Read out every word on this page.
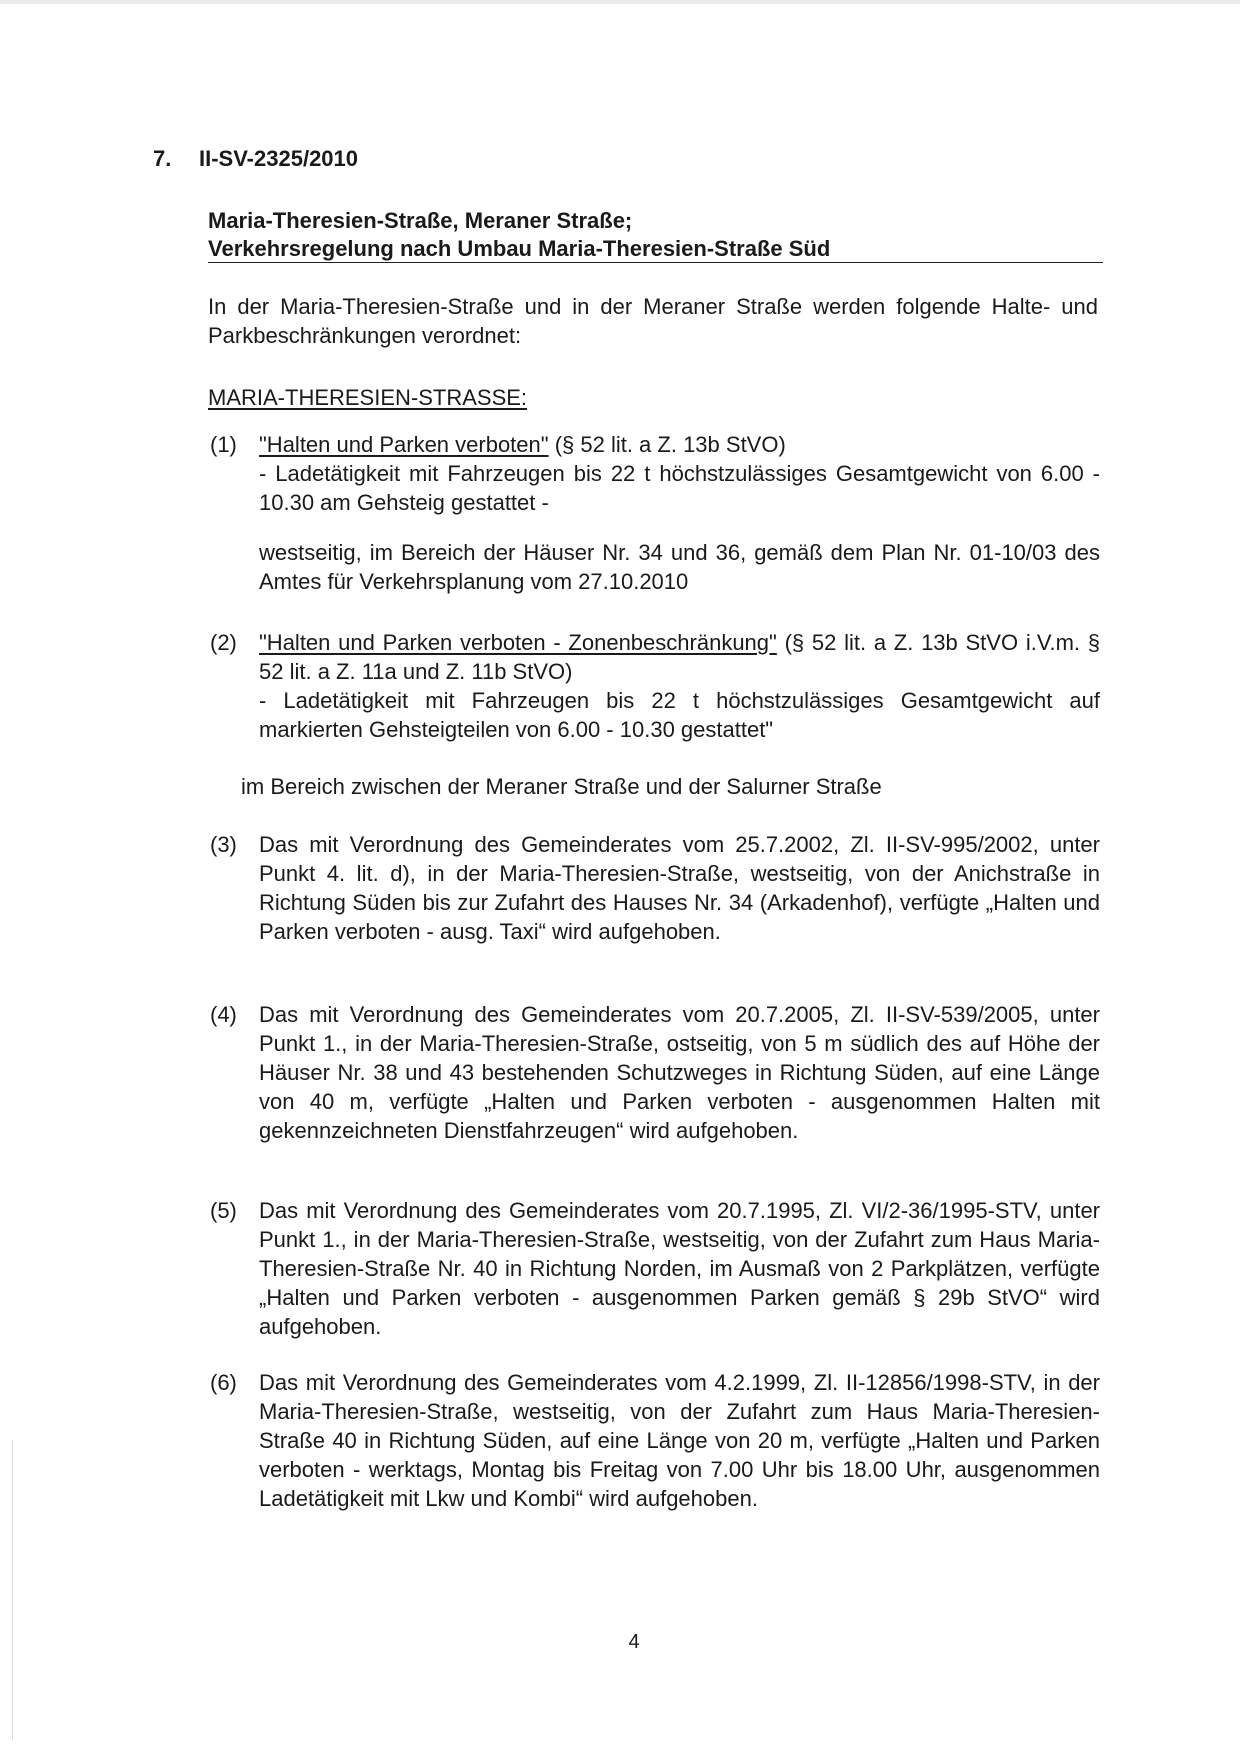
7. II-SV-2325/2010
Maria-Theresien-Straße, Meraner Straße;
Verkehrsregelung nach Umbau Maria-Theresien-Straße Süd
In der Maria-Theresien-Straße und in der Meraner Straße werden folgende Halte- und Parkbeschränkungen verordnet:
MARIA-THERESIEN-STRASSE:
(1) "Halten und Parken verboten" (§ 52 lit. a Z. 13b StVO)
- Ladetätigkeit mit Fahrzeugen bis 22 t höchstzulässiges Gesamtgewicht von 6.00 - 10.30 am Gehsteig gestattet -
westseitig, im Bereich der Häuser Nr. 34 und 36, gemäß dem Plan Nr. 01-10/03 des Amtes für Verkehrsplanung vom 27.10.2010
(2) "Halten und Parken verboten - Zonenbeschränkung" (§ 52 lit. a Z. 13b StVO i.V.m. § 52 lit. a Z. 11a und Z. 11b StVO)
- Ladetätigkeit mit Fahrzeugen bis 22 t höchstzulässiges Gesamtgewicht auf markierten Gehsteigteilen von 6.00 - 10.30 gestattet"
im Bereich zwischen der Meraner Straße und der Salurner Straße
(3) Das mit Verordnung des Gemeinderates vom 25.7.2002, Zl. II-SV-995/2002, unter Punkt 4. lit. d), in der Maria-Theresien-Straße, westseitig, von der Anichstraße in Richtung Süden bis zur Zufahrt des Hauses Nr. 34 (Arkadenhof), verfügte „Halten und Parken verboten - ausg. Taxi“ wird aufgehoben.
(4) Das mit Verordnung des Gemeinderates vom 20.7.2005, Zl. II-SV-539/2005, unter Punkt 1., in der Maria-Theresien-Straße, ostseitig, von 5 m südlich des auf Höhe der Häuser Nr. 38 und 43 bestehenden Schutzweges in Richtung Süden, auf eine Länge von 40 m, verfügte „Halten und Parken verboten - ausgenommen Halten mit gekennzeichneten Dienstfahrzeugen“ wird aufgehoben.
(5) Das mit Verordnung des Gemeinderates vom 20.7.1995, Zl. VI/2-36/1995-STV, unter Punkt 1., in der Maria-Theresien-Straße, westseitig, von der Zufahrt zum Haus Maria-Theresien-Straße Nr. 40 in Richtung Norden, im Ausmaß von 2 Parkplätzen, verfügte „Halten und Parken verboten - ausgenommen Parken gemäß § 29b StVO“ wird aufgehoben.
(6) Das mit Verordnung des Gemeinderates vom 4.2.1999, Zl. II-12856/1998-STV, in der Maria-Theresien-Straße, westseitig, von der Zufahrt zum Haus Maria-Theresien-Straße 40 in Richtung Süden, auf eine Länge von 20 m, verfügte „Halten und Parken verboten - werktags, Montag bis Freitag von 7.00 Uhr bis 18.00 Uhr, ausgenommen Ladetätigkeit mit Lkw und Kombi“ wird aufgehoben.
4
